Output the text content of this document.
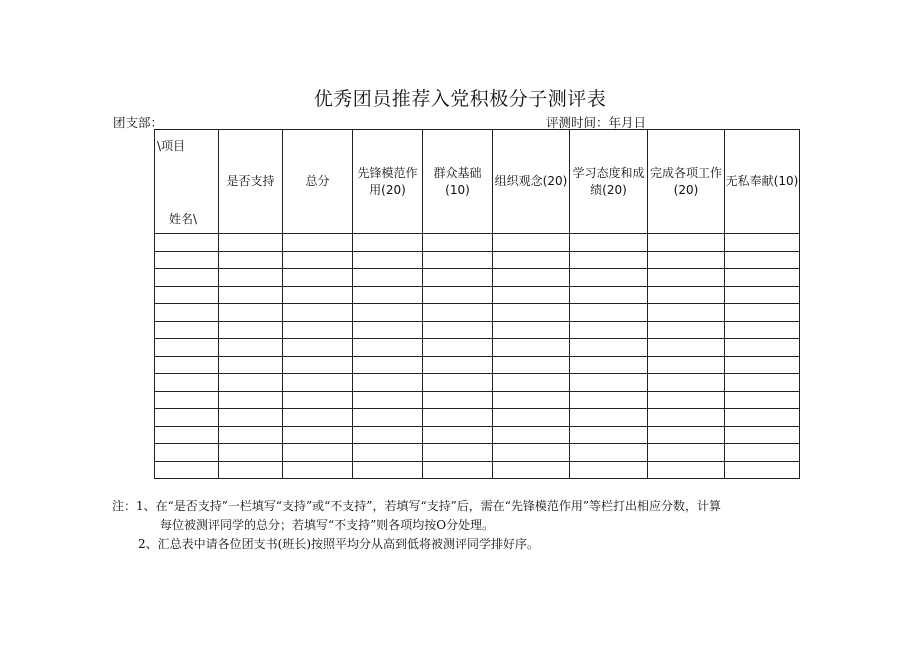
优秀团员推荐入党积极分子测评表
团支部：	评测时间：年月日
\项目
姓名\	是否支持	总分	先锋模范作用(20)	群众基础(10)	组织观念(20)	学习态度和成绩(20)	完成各项工作(20)	无私奉献(10)

注：1、在“是否支持”一栏填写“支持”或“不支持”，若填写“支持”后，需在“先锋模范作用”等栏打出相应分数，计算
每位被测评同学的总分；若填写“不支持”则各项均按O分处理。
2、汇总表中请各位团支书(班长)按照平均分从高到低将被测评同学排好序。
